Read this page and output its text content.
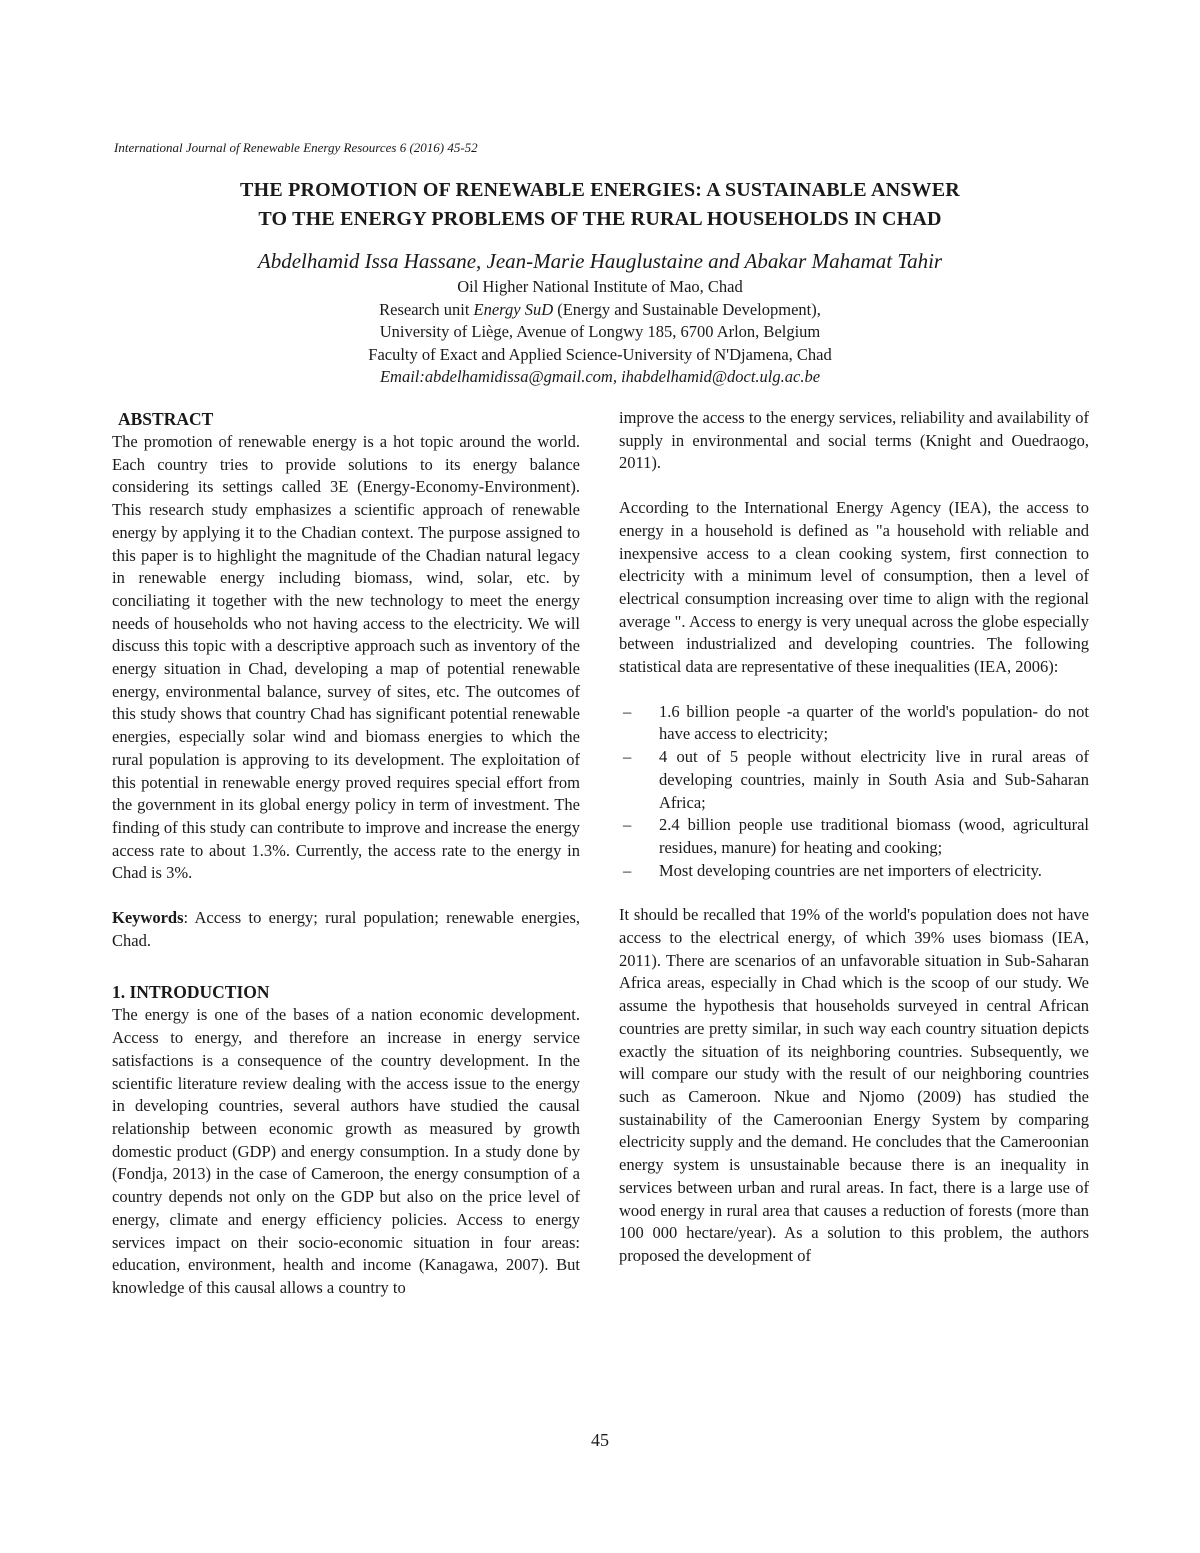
International Journal of Renewable Energy Resources 6 (2016) 45-52
THE PROMOTION OF RENEWABLE ENERGIES: A SUSTAINABLE ANSWER
TO THE ENERGY PROBLEMS OF THE RURAL HOUSEHOLDS IN CHAD
Abdelhamid Issa Hassane, Jean-Marie Hauglustaine and Abakar Mahamat Tahir
Oil Higher National Institute of Mao, Chad
Research unit Energy SuD (Energy and Sustainable Development),
University of Liège, Avenue of Longwy 185, 6700 Arlon, Belgium
Faculty of Exact and Applied Science-University of N'Djamena, Chad
Email:abdelhamidissa@gmail.com, ihabdelhamid@doct.ulg.ac.be
ABSTRACT

The promotion of renewable energy is a hot topic around the world. Each country tries to provide solutions to its energy balance considering its settings called 3E (Energy-Economy-Environment). This research study emphasizes a scientific approach of renewable energy by applying it to the Chadian context. The purpose assigned to this paper is to highlight the magnitude of the Chadian natural legacy in renewable energy including biomass, wind, solar, etc. by conciliating it together with the new technology to meet the energy needs of households who not having access to the electricity. We will discuss this topic with a descriptive approach such as inventory of the energy situation in Chad, developing a map of potential renewable energy, environmental balance, survey of sites, etc. The outcomes of this study shows that country Chad has significant potential renewable energies, especially solar wind and biomass energies to which the rural population is approving to its development. The exploitation of this potential in renewable energy proved requires special effort from the government in its global energy policy in term of investment. The finding of this study can contribute to improve and increase the energy access rate to about 1.3%. Currently, the access rate to the energy in Chad is 3%.

Keywords: Access to energy; rural population; renewable energies, Chad.

1. INTRODUCTION

The energy is one of the bases of a nation economic development. Access to energy, and therefore an increase in energy service satisfactions is a consequence of the country development. In the scientific literature review dealing with the access issue to the energy in developing countries, several authors have studied the causal relationship between economic growth as measured by growth domestic product (GDP) and energy consumption. In a study done by (Fondja, 2013) in the case of Cameroon, the energy consumption of a country depends not only on the GDP but also on the price level of energy, climate and energy efficiency policies. Access to energy services impact on their socio-economic situation in four areas: education, environment, health and income (Kanagawa, 2007). But knowledge of this causal allows a country to

improve the access to the energy services, reliability and availability of supply in environmental and social terms (Knight and Ouedraogo, 2011).

According to the International Energy Agency (IEA), the access to energy in a household is defined as "a household with reliable and inexpensive access to a clean cooking system, first connection to electricity with a minimum level of consumption, then a level of electrical consumption increasing over time to align with the regional average ". Access to energy is very unequal across the globe especially between industrialized and developing countries. The following statistical data are representative of these inequalities (IEA, 2006):

– 1.6 billion people -a quarter of the world's population- do not have access to electricity;
– 4 out of 5 people without electricity live in rural areas of developing countries, mainly in South Asia and Sub-Saharan Africa;
– 2.4 billion people use traditional biomass (wood, agricultural residues, manure) for heating and cooking;
– Most developing countries are net importers of electricity.

It should be recalled that 19% of the world's population does not have access to the electrical energy, of which 39% uses biomass (IEA, 2011). There are scenarios of an unfavorable situation in Sub-Saharan Africa areas, especially in Chad which is the scoop of our study. We assume the hypothesis that households surveyed in central African countries are pretty similar, in such way each country situation depicts exactly the situation of its neighboring countries. Subsequently, we will compare our study with the result of our neighboring countries such as Cameroon. Nkue and Njomo (2009) has studied the sustainability of the Cameroonian Energy System by comparing electricity supply and the demand. He concludes that the Cameroonian energy system is unsustainable because there is an inequality in services between urban and rural areas. In fact, there is a large use of wood energy in rural area that causes a reduction of forests (more than 100 000 hectare/year). As a solution to this problem, the authors proposed the development of

45
